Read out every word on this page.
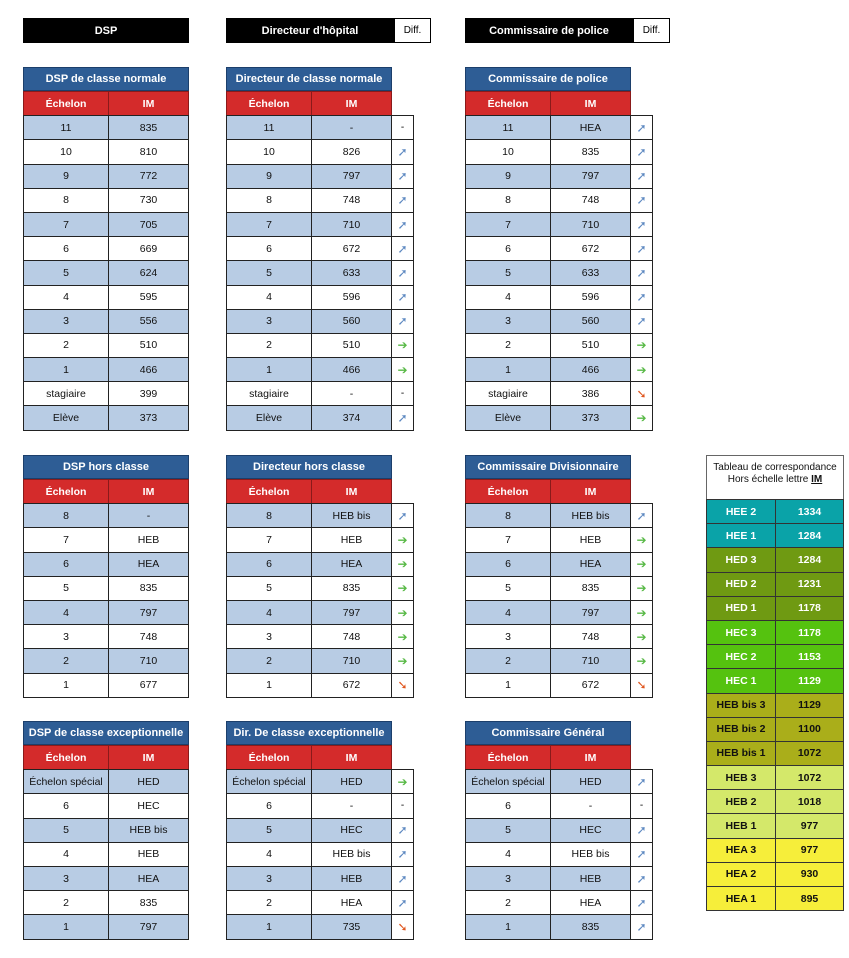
DSP	Directeur d'hôpital	Diff.	Commissaire de police	Diff.
DSP de classe normale
Échelon	IM
11	835
10	810
9	772
8	730
7	705
6	669
5	624
4	595
3	556
2	510
1	466
stagiaire	399
Elève	373
Directeur de classe normale
Échelon	IM
11	-	-
10	826	➚
9	797	➚
8	748	➚
7	710	➚
6	672	➚
5	633	➚
4	596	➚
3	560	➚
2	510	➔
1	466	➔
stagiaire	-	-
Elève	374	➚
Commissaire de police
Échelon	IM
11	HEA	➚
10	835	➚
9	797	➚
8	748	➚
7	710	➚
6	672	➚
5	633	➚
4	596	➚
3	560	➚
2	510	➔
1	466	➔
stagiaire	386	➘
Elève	373	➔
DSP hors classe
Échelon	IM
8	-
7	HEB
6	HEA
5	835
4	797
3	748
2	710
1	677
Directeur hors classe
Échelon	IM
8	HEB bis	➚
7	HEB	➔
6	HEA	➔
5	835	➔
4	797	➔
3	748	➔
2	710	➔
1	672	➘
Commissaire Divisionnaire
Échelon	IM
8	HEB bis	➚
7	HEB	➔
6	HEA	➔
5	835	➔
4	797	➔
3	748	➔
2	710	➔
1	672	➘
DSP de classe exceptionnelle
Échelon	IM
Échelon spécial	HED
6	HEC
5	HEB bis
4	HEB
3	HEA
2	835
1	797
Dir. De classe exceptionnelle
Échelon	IM
Échelon spécial	HED	➔
6	-	-
5	HEC	➚
4	HEB bis	➚
3	HEB	➚
2	HEA	➚
1	735	➘
Commissaire Général
Échelon	IM
Échelon spécial	HED	➚
6	-	-
5	HEC	➚
4	HEB bis	➚
3	HEB	➚
2	HEA	➚
1	835	➚
Tableau de correspondance
Hors échelle lettre IM
HEE 2	1334
HEE 1	1284
HED 3	1284
HED 2	1231
HED 1	1178
HEC 3	1178
HEC 2	1153
HEC 1	1129
HEB bis 3	1129
HEB bis 2	1100
HEB bis 1	1072
HEB 3	1072
HEB 2	1018
HEB 1	977
HEA 3	977
HEA 2	930
HEA 1	895
